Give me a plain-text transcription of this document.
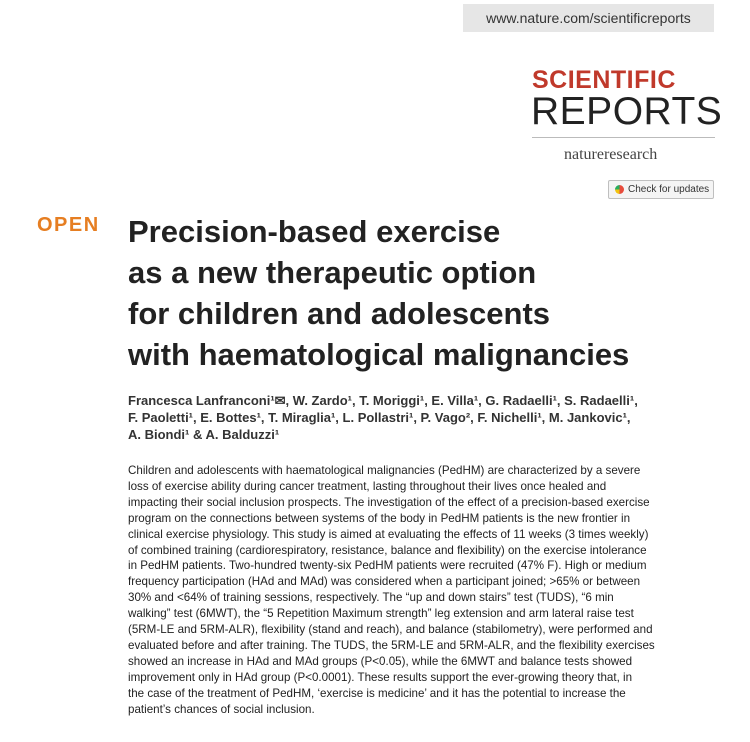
www.nature.com/scientificreports
SCIENTIFIC
REPORTS
natureresearch
Check for updates
OPEN Precision-based exercise
as a new therapeutic option
for children and adolescents
with haematological malignancies
Francesca Lanfranconi¹✉, W. Zardo¹, T. Moriggi¹, E. Villa¹, G. Radaelli¹, S. Radaelli¹,
F. Paoletti¹, E. Bottes¹, T. Miraglia¹, L. Pollastri¹, P. Vago², F. Nichelli¹, M. Jankovic¹,
A. Biondi¹ & A. Balduzzi¹
Children and adolescents with haematological malignancies (PedHM) are characterized by a severe
loss of exercise ability during cancer treatment, lasting throughout their lives once healed and
impacting their social inclusion prospects. The investigation of the effect of a precision-based exercise
program on the connections between systems of the body in PedHM patients is the new frontier in
clinical exercise physiology. This study is aimed at evaluating the effects of 11 weeks (3 times weekly)
of combined training (cardiorespiratory, resistance, balance and flexibility) on the exercise intolerance
in PedHM patients. Two-hundred twenty-six PedHM patients were recruited (47% F). High or medium
frequency participation (HAd and MAd) was considered when a participant joined; >65% or between
30% and <64% of training sessions, respectively. The “up and down stairs” test (TUDS), “6 min
walking” test (6MWT), the “5 Repetition Maximum strength” leg extension and arm lateral raise test
(5RM-LE and 5RM-ALR), flexibility (stand and reach), and balance (stabilometry), were performed and
evaluated before and after training. The TUDS, the 5RM-LE and 5RM-ALR, and the flexibility exercises
showed an increase in HAd and MAd groups (P<0.05), while the 6MWT and balance tests showed
improvement only in HAd group (P<0.0001). These results support the ever-growing theory that, in
the case of the treatment of PedHM, ‘exercise is medicine’ and it has the potential to increase the
patient’s chances of social inclusion.
